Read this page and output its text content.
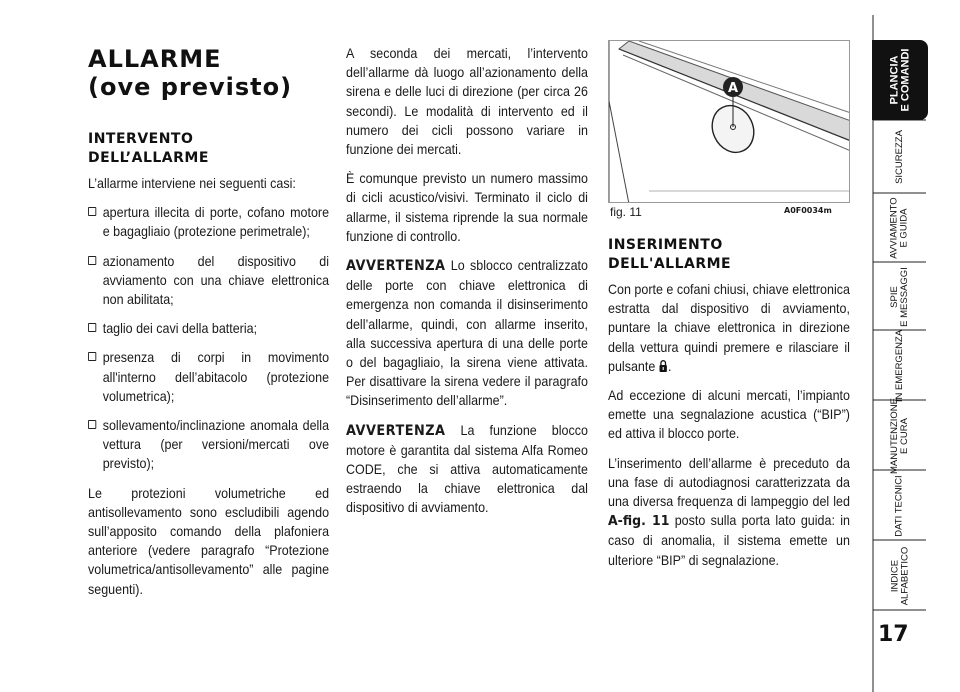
ALLARME
(ove previsto)
INTERVENTO
DELL’ALLARME

L’allarme interviene nei seguenti casi:

apertura illecita di porte, cofano motore e bagagliaio (protezione perimetrale);
azionamento del dispositivo di avviamento con una chiave elettronica non abilitata;
taglio dei cavi della batteria;
presenza di corpi in movimento all'interno dell’abitacolo (protezione volumetrica);
sollevamento/inclinazione anomala della vettura (per versioni/mercati ove previsto);

Le protezioni volumetriche ed antisollevamento sono escludibili agendo sull’apposito comando della plafoniera anteriore (vedere paragrafo “Protezione volumetrica/antisollevamento” alle pagine seguenti).

A seconda dei mercati, l’intervento dell’allarme dà luogo all’azionamento della sirena e delle luci di direzione (per circa 26 secondi). Le modalità di intervento ed il numero dei cicli possono variare in funzione dei mercati.

È comunque previsto un numero massimo di cicli acustico/visivi. Terminato il ciclo di allarme, il sistema riprende la sua normale funzione di controllo.

AVVERTENZA Lo sblocco centralizzato delle porte con chiave elettronica di emergenza non comanda il disinserimento dell’allarme, quindi, con allarme inserito, alla successiva apertura di una delle porte o del bagagliaio, la sirena viene attivata. Per disattivare la sirena vedere il paragrafo “Disinserimento dell’allarme”.

AVVERTENZA La funzione blocco motore è garantita dal sistema Alfa Romeo CODE, che si attiva automaticamente estraendo la chiave elettronica dal dispositivo di avviamento.

A
fig. 11	A0F0034m
INSERIMENTO
DELL'ALLARME

Con porte e cofani chiusi, chiave elettronica estratta dal dispositivo di avviamento, puntare la chiave elettronica in direzione della vettura quindi premere e rilasciare il pulsante .

Ad eccezione di alcuni mercati, l’impianto emette una segnalazione acustica (“BIP”) ed attiva il blocco porte.

L’inserimento dell’allarme è preceduto da una fase di autodiagnosi caratterizzata da una diversa frequenza di lampeggio del led A-fig. 11 posto sulla porta lato guida: in caso di anomalia, il sistema emette un ulteriore “BIP” di segnalazione.

PLANCIA
E COMANDI
SICUREZZA

AVVIAMENTO
E GUIDA
SPIE
E MESSAGGI
IN EMERGENZA

MANUTENZIONE
E CURA
DATI TECNICI

INDICE
ALFABETICO
17
